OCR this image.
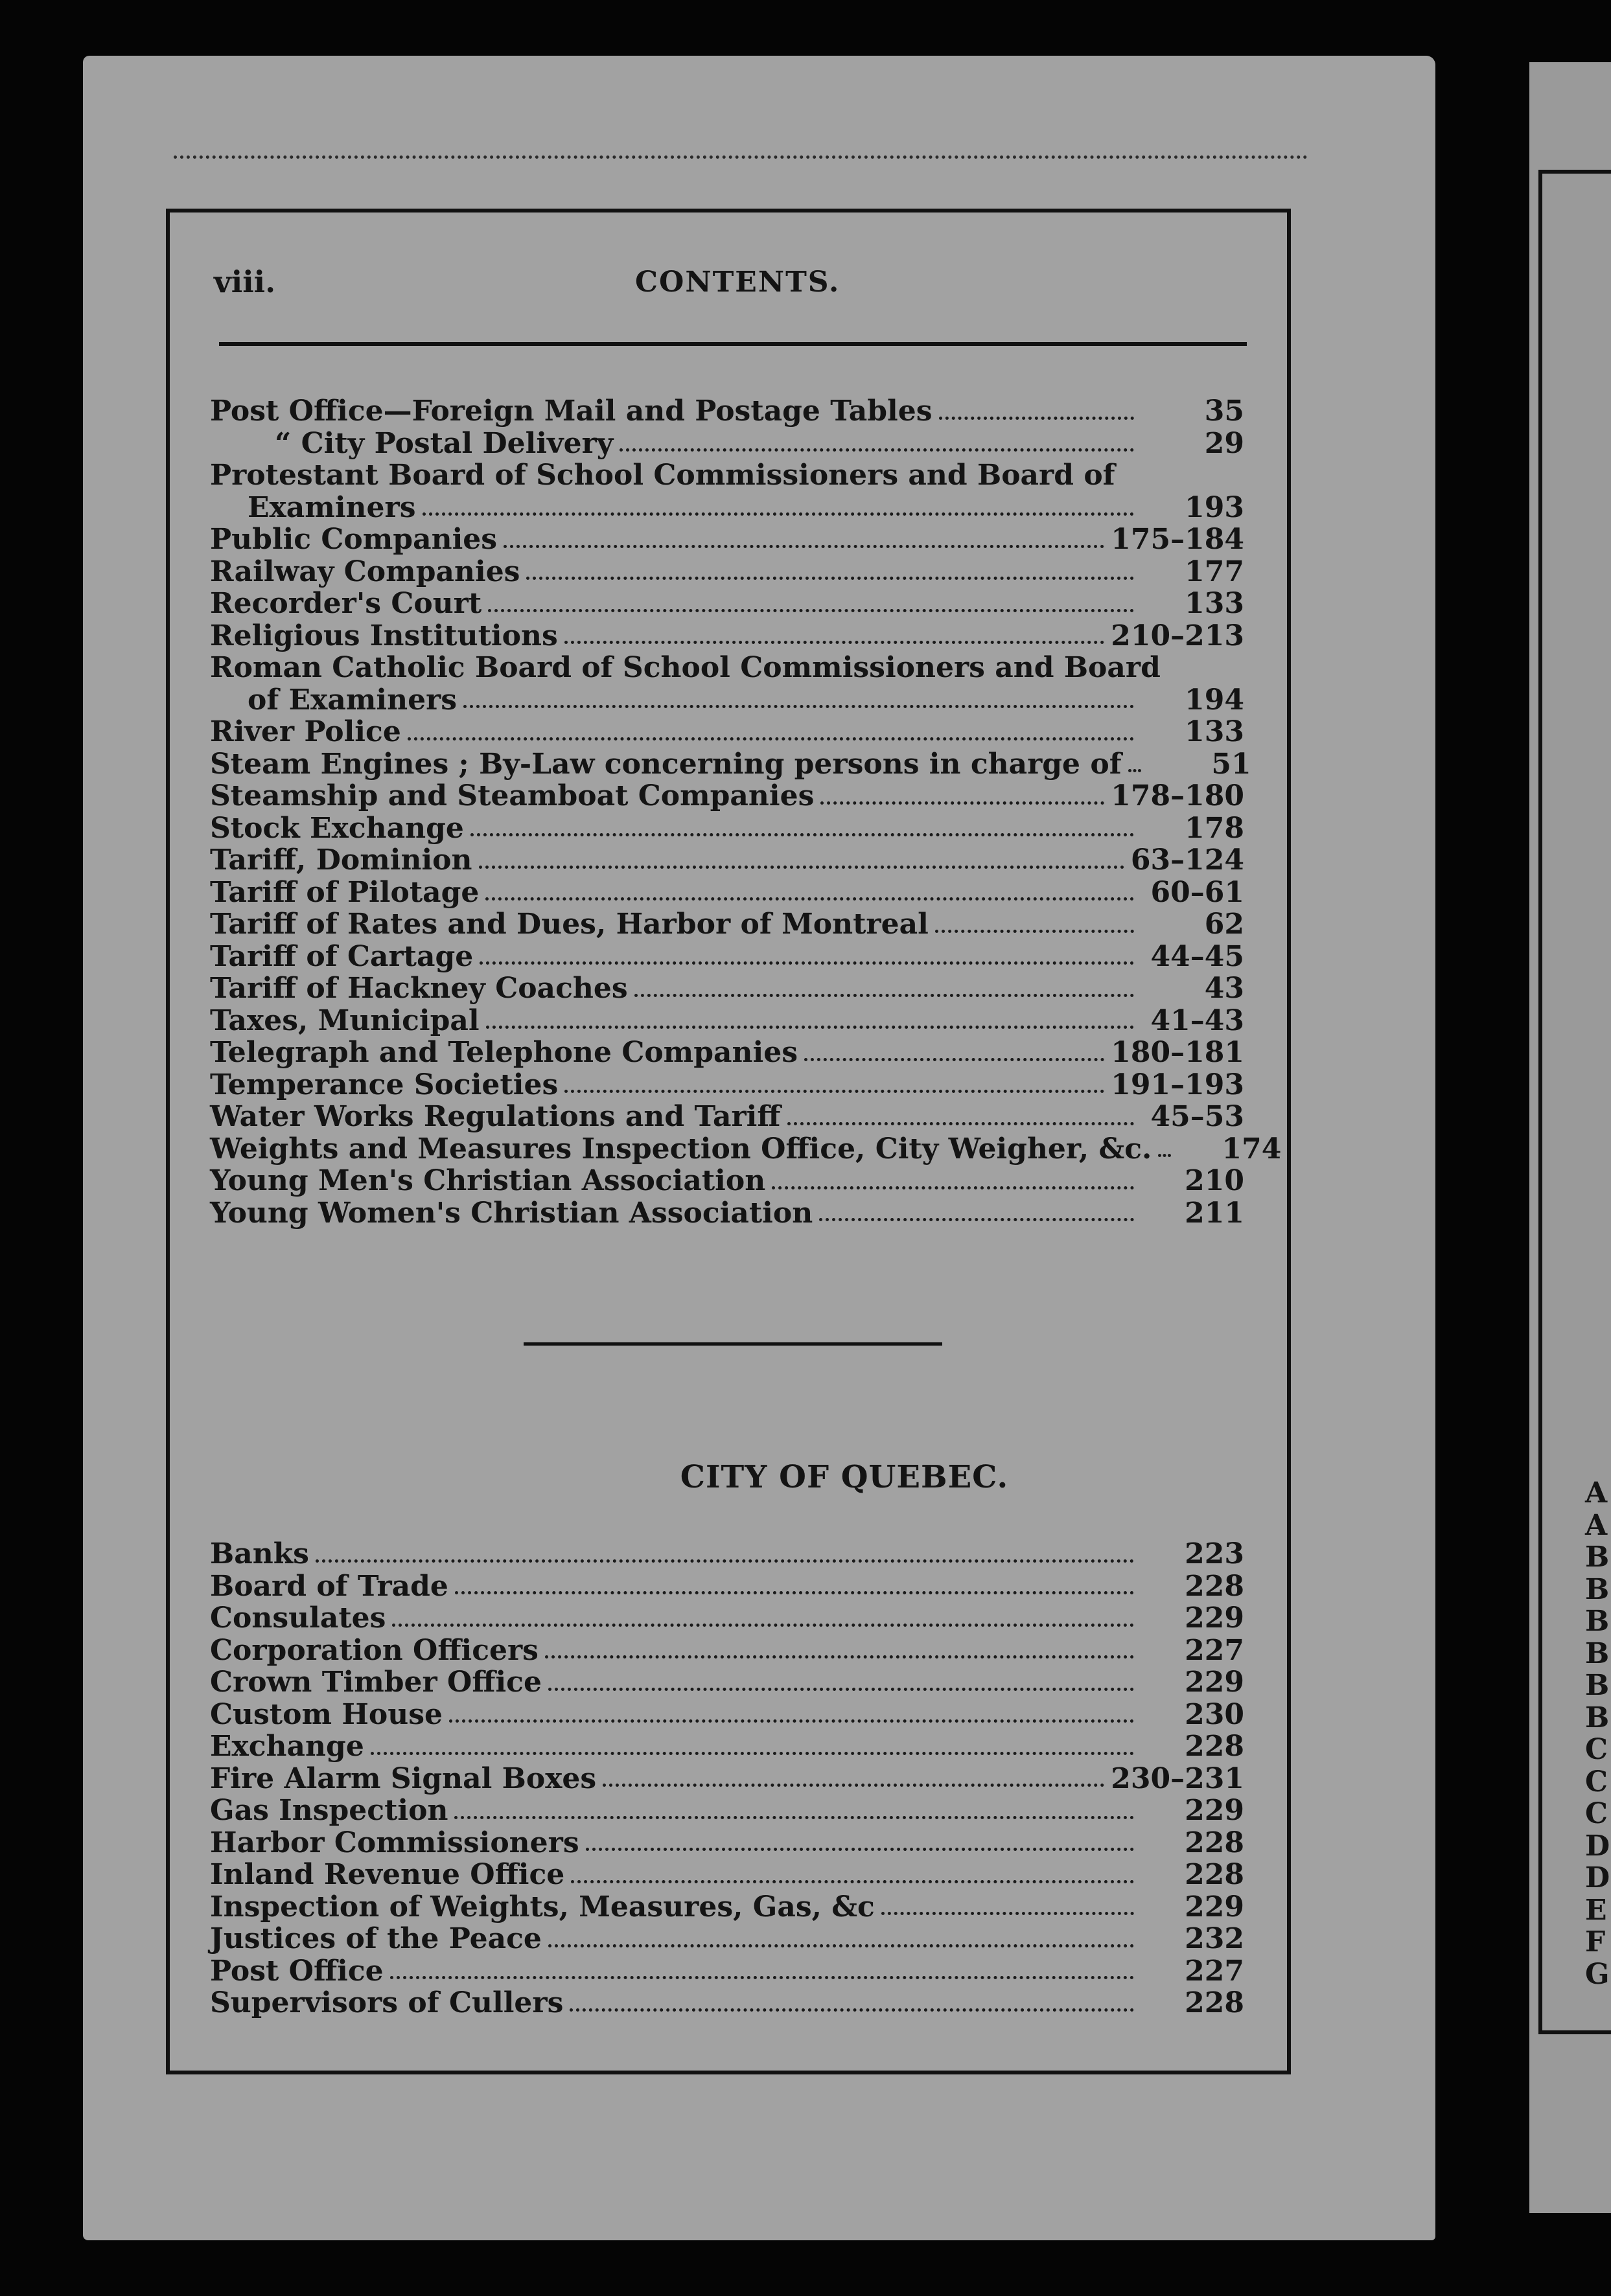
A
A
B
B
B
B
B
B
C
C
C
D
D
E
F
G
viii.	CONTENTS.
Post Office—Foreign Mail and Postage Tables	35
“ City Postal Delivery	29
Protestant Board of School Commissioners and Board of
Examiners	193
Public Companies	175–184
Railway Companies	177
Recorder's Court	133
Religious Institutions	210–213
Roman Catholic Board of School Commissioners and Board
of Examiners	194
River Police	133
Steam Engines ; By-Law concerning persons in charge of	51
Steamship and Steamboat Companies	178–180
Stock Exchange	178
Tariff, Dominion	63–124
Tariff of Pilotage	60–61
Tariff of Rates and Dues, Harbor of Montreal	62
Tariff of Cartage	44–45
Tariff of Hackney Coaches	43
Taxes, Municipal	41–43
Telegraph and Telephone Companies	180–181
Temperance Societies	191–193
Water Works Regulations and Tariff	45–53
Weights and Measures Inspection Office, City Weigher, &c.	174
Young Men's Christian Association	210
Young Women's Christian Association	211
CITY OF QUEBEC.
Banks	223
Board of Trade	228
Consulates	229
Corporation Officers	227
Crown Timber Office	229
Custom House	230
Exchange	228
Fire Alarm Signal Boxes	230–231
Gas Inspection	229
Harbor Commissioners	228
Inland Revenue Office	228
Inspection of Weights, Measures, Gas, &c	229
Justices of the Peace	232
Post Office	227
Supervisors of Cullers	228
